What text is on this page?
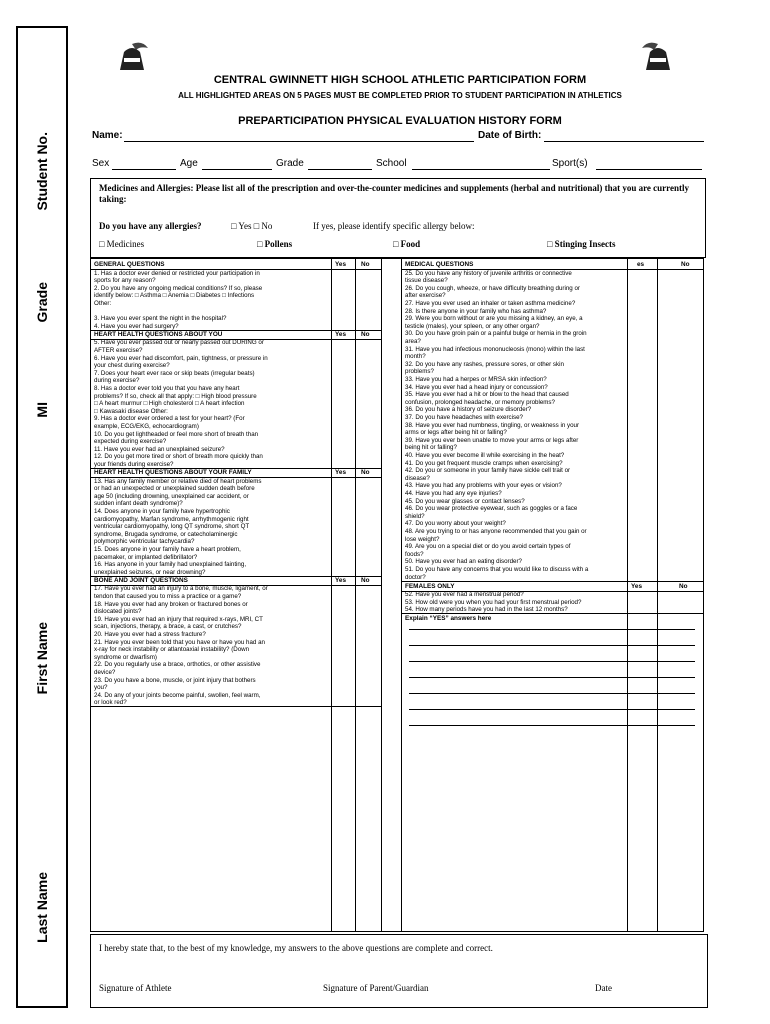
Last Name
First Name
MI
Grade
Student No.
CENTRAL GWINNETT HIGH SCHOOL ATHLETIC PARTICIPATION FORM
ALL HIGHLIGHTED AREAS ON 5 PAGES MUST BE COMPLETED PRIOR TO STUDENT PARTICIPATION IN ATHLETICS
PREPARTICIPATION PHYSICAL EVALUATION HISTORY FORM
Name:	Date of Birth:
Sex	Age	Grade	School	Sport(s)
Medicines and Allergies: Please list all of the prescription and over-the-counter medicines and supplements (herbal and nutritional) that you are currently taking:
Do you have any allergies?	□ Yes □ No	If yes, please identify specific allergy below:
□ Medicines	□ Pollens	□ Food	□ Stinging Insects
GENERAL QUESTIONS	Yes No
1. Has a doctor ever denied or restricted your participation in
sports for any reason?
2. Do you have any ongoing medical conditions? If so, please
identify below: □ Asthma □ Anemia □ Diabetes □ Infections
Other:
3. Have you ever spent the night in the hospital?
4. Have you ever had surgery?
HEART HEALTH QUESTIONS ABOUT YOU	Yes No
5. Have you ever passed out or nearly passed out DURING or
AFTER exercise?
6. Have you ever had discomfort, pain, tightness, or pressure in
your chest during exercise?
7. Does your heart ever race or skip beats (irregular beats)
during exercise?
8. Has a doctor ever told you that you have any heart
problems? If so, check all that apply: □ High blood pressure
□ A heart murmur □ High cholesterol □ A heart infection
□ Kawasaki disease Other:
9. Has a doctor ever ordered a test for your heart? (For
example, ECG/EKG, echocardiogram)
10. Do you get lightheaded or feel more short of breath than
expected during exercise?
11. Have you ever had an unexplained seizure?
12. Do you get more tired or short of breath more quickly than
your friends during exercise?
HEART HEALTH QUESTIONS ABOUT YOUR FAMILY	Yes No
13. Has any family member or relative died of heart problems
or had an unexpected or unexplained sudden death before
age 50 (including drowning, unexplained car accident, or
sudden infant death syndrome)?
14. Does anyone in your family have hypertrophic
cardiomyopathy, Marfan syndrome, arrhythmogenic right
ventricular cardiomyopathy, long QT syndrome, short QT
syndrome, Brugada syndrome, or catecholaminergic
polymorphic ventricular tachycardia?
15. Does anyone in your family have a heart problem,
pacemaker, or implanted defibrillator?
16. Has anyone in your family had unexplained fainting,
unexplained seizures, or near drowning?
BONE AND JOINT QUESTIONS	Yes No
17. Have you ever had an injury to a bone, muscle, ligament, or
tendon that caused you to miss a practice or a game?
18. Have you ever had any broken or fractured bones or
dislocated joints?
19. Have you ever had an injury that required x-rays, MRI, CT
scan, injections, therapy, a brace, a cast, or crutches?
20. Have you ever had a stress fracture?
21. Have you ever been told that you have or have you had an
x-ray for neck instability or atlantoaxial instability? (Down
syndrome or dwarfism)
22. Do you regularly use a brace, orthotics, or other assistive
device?
23. Do you have a bone, muscle, or joint injury that bothers
you?
24. Do any of your joints become painful, swollen, feel warm,
or look red?
MEDICAL QUESTIONS	es	No
25. Do you have any history of juvenile arthritis or connective
tissue disease?
26. Do you cough, wheeze, or have difficulty breathing during or
after exercise?
27. Have you ever used an inhaler or taken asthma medicine?
28. Is there anyone in your family who has asthma?
29. Were you born without or are you missing a kidney, an eye, a
testicle (males), your spleen, or any other organ?
30. Do you have groin pain or a painful bulge or hernia in the groin
area?
31. Have you had infectious mononucleosis (mono) within the last
month?
32. Do you have any rashes, pressure sores, or other skin
problems?
33. Have you had a herpes or MRSA skin infection?
34. Have you ever had a head injury or concussion?
35. Have you ever had a hit or blow to the head that caused
confusion, prolonged headache, or memory problems?
36. Do you have a history of seizure disorder?
37. Do you have headaches with exercise?
38. Have you ever had numbness, tingling, or weakness in your
arms or legs after being hit or falling?
39. Have you ever been unable to move your arms or legs after
being hit or falling?
40. Have you ever become ill while exercising in the heat?
41. Do you get frequent muscle cramps when exercising?
42. Do you or someone in your family have sickle cell trait or
disease?
43. Have you had any problems with your eyes or vision?
44. Have you had any eye injuries?
45. Do you wear glasses or contact lenses?
46. Do you wear protective eyewear, such as goggles or a face
shield?
47. Do you worry about your weight?
48. Are you trying to or has anyone recommended that you gain or
lose weight?
49. Are you on a special diet or do you avoid certain types of
foods?
50. Have you ever had an eating disorder?
51. Do you have any concerns that you would like to discuss with a
doctor?
FEMALES ONLY	Yes	No
52. Have you ever had a menstrual period?
53. How old were you when you had your first menstrual period?
54. How many periods have you had in the last 12 months?
Explain “YES” answers here
I hereby state that, to the best of my knowledge, my answers to the above questions are complete and correct.
Signature of Athlete	Signature of Parent/Guardian	Date
